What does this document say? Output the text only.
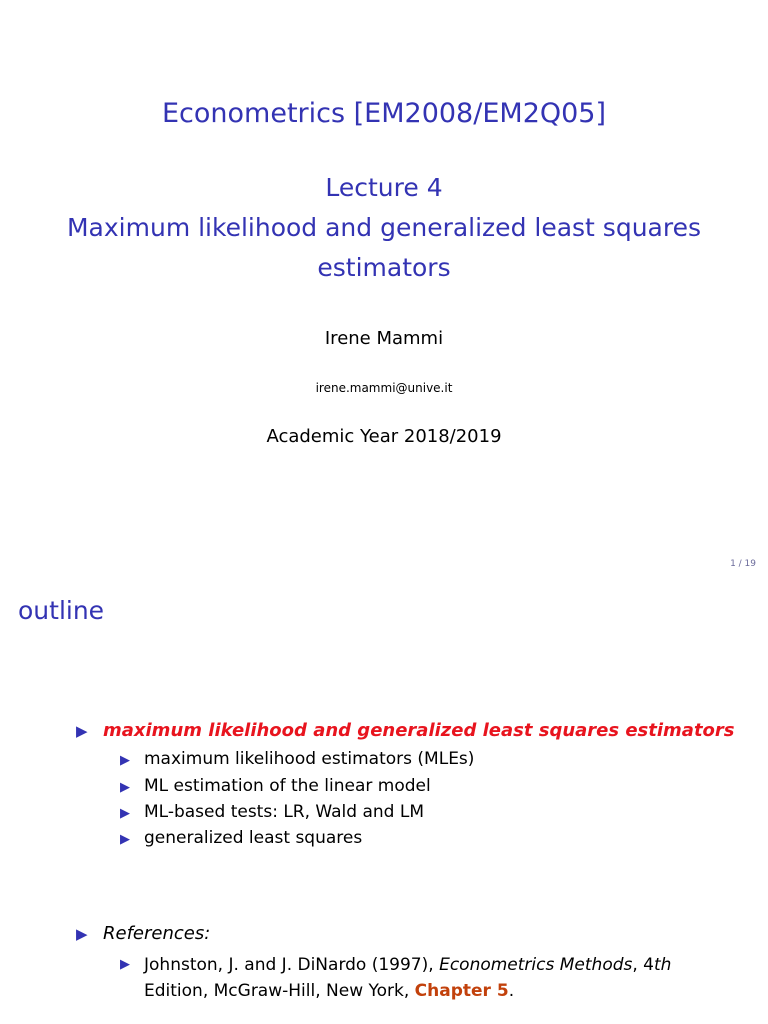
Econometrics [EM2008/EM2Q05]
Lecture 4
Maximum likelihood and generalized least squares
estimators
Irene Mammi
irene.mammi@unive.it
Academic Year 2018/2019
1 / 19
outline
▶ maximum likelihood and generalized least squares estimators
▶ maximum likelihood estimators (MLEs)
▶ ML estimation of the linear model
▶ ML-based tests: LR, Wald and LM
▶ generalized least squares
▶ References:
▶ Johnston, J. and J. DiNardo (1997), Econometrics Methods, 4th
Edition, McGraw-Hill, New York, Chapter 5.
